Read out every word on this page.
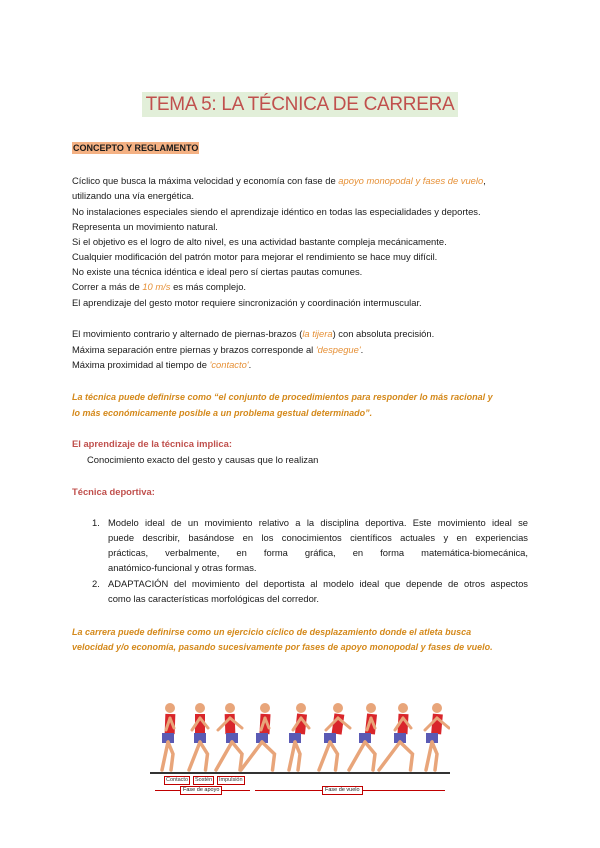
TEMA 5: LA TÉCNICA DE CARRERA
CONCEPTO Y REGLAMENTO
Cíclico que busca la máxima velocidad y economía con fase de apoyo monopodal y fases de vuelo,
utilizando una vía energética.
No instalaciones especiales siendo el aprendizaje idéntico en todas las especialidades y deportes.
Representa un movimiento natural.
Si el objetivo es el logro de alto nivel, es una actividad bastante compleja mecánicamente.
Cualquier modificación del patrón motor para mejorar el rendimiento se hace muy difícil.
No existe una técnica idéntica e ideal pero sí ciertas pautas comunes.
Correr a más de 10 m/s es más complejo.
El aprendizaje del gesto motor requiere sincronización y coordinación intermuscular.
El movimiento contrario y alternado de piernas-brazos (la tijera) con absoluta precisión.
Máxima separación entre piernas y brazos corresponde al 'despegue'.
Máxima proximidad al tiempo de 'contacto'.
La técnica puede definirse como “el conjunto de procedimientos para responder lo más racional y
lo más económicamente posible a un problema gestual determinado”.
El aprendizaje de la técnica implica:
Conocimiento exacto del gesto y causas que lo realizan
Técnica deportiva:
1. Modelo ideal de un movimiento relativo a la disciplina deportiva. Este movimiento ideal se
puede describir, basándose en los conocimientos científicos actuales y en experiencias
prácticas, verbalmente, en forma gráfica, en forma matemática-biomecánica,
anatómico-funcional y otras formas.
2. ADAPTACIÓN del movimiento del deportista al modelo ideal que depende de otros aspectos
como las características morfológicas del corredor.
La carrera puede definirse como un ejercicio cíclico de desplazamiento donde el atleta busca
velocidad y/o economía, pasando sucesivamente por fases de apoyo monopodal y fases de vuelo.
Contacto	Sostén	Impulsión
Fase de apoyo	Fase de vuelo
